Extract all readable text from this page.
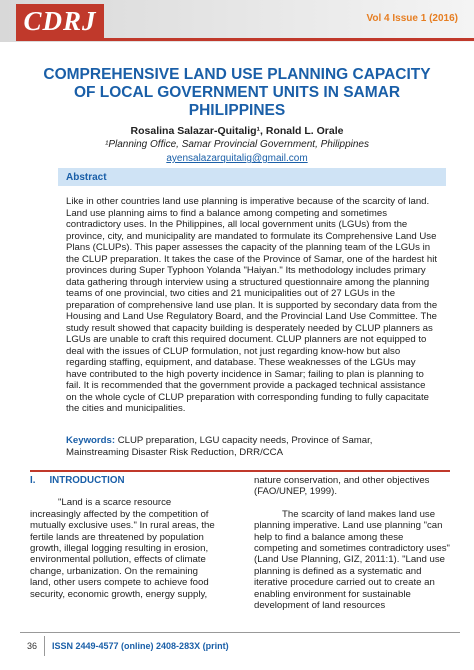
CDRJ	Vol 4 Issue 1 (2016)
COMPREHENSIVE LAND USE PLANNING CAPACITY OF LOCAL GOVERNMENT UNITS IN SAMAR PHILIPPINES
Rosalina Salazar-Quitalig¹, Ronald L. Orale
¹Planning Office, Samar Provincial Government, Philippines
ayensalazarquitalig@gmail.com
Abstract
Like in other countries land use planning is imperative because of the scarcity of land. Land use planning aims to find a balance among competing and sometimes contradictory uses. In the Philippines, all local government units (LGUs) from the province, city, and municipality are mandated to formulate its Comprehensive Land Use Plans (CLUPs). This paper assesses the capacity of the planning team of the LGUs in the CLUP preparation. It takes the case of the Province of Samar, one of the hardest hit provinces during Super Typhoon Yolanda "Haiyan." Its methodology includes primary data gathering through interview using a structured questionnaire among the planning teams of one provincial, two cities and 21 municipalities out of 27 LGUs in the preparation of comprehensive land use plan. It is supported by secondary data from the Housing and Land Use Regulatory Board, and the Provincial Land Use Committee. The study result showed that capacity building is desperately needed by CLUP planners as LGUs are unable to craft this required document. CLUP planners are not equipped to deal with the issues of CLUP formulation, not just regarding know-how but also regarding staffing, equipment, and database. These weaknesses of the LGUs may have contributed to the high poverty incidence in Samar; failing to plan is planning to fail. It is recommended that the government provide a packaged technical assistance on the whole cycle of CLUP preparation with corresponding funding to fully capacitate the cities and municipalities.
Keywords: CLUP preparation, LGU capacity needs, Province of Samar, Mainstreaming Disaster Risk Reduction, DRR/CCA
I. INTRODUCTION

"Land is a scarce resource increasingly affected by the competition of mutually exclusive uses." In rural areas, the fertile lands are threatened by population growth, illegal logging resulting in erosion, environmental pollution, effects of climate change, urbanization. On the remaining land, other users compete to achieve food security, economic growth, energy supply,

nature conservation, and other objectives (FAO/UNEP, 1999).

The scarcity of land makes land use planning imperative. Land use planning "can help to find a balance among these competing and sometimes contradictory uses" (Land Use Planning, GIZ, 2011:1). "Land use planning is defined as a systematic and iterative procedure carried out to create an enabling environment for sustainable development of land resources

36	ISSN 2449-4577 (online) 2408-283X (print)
